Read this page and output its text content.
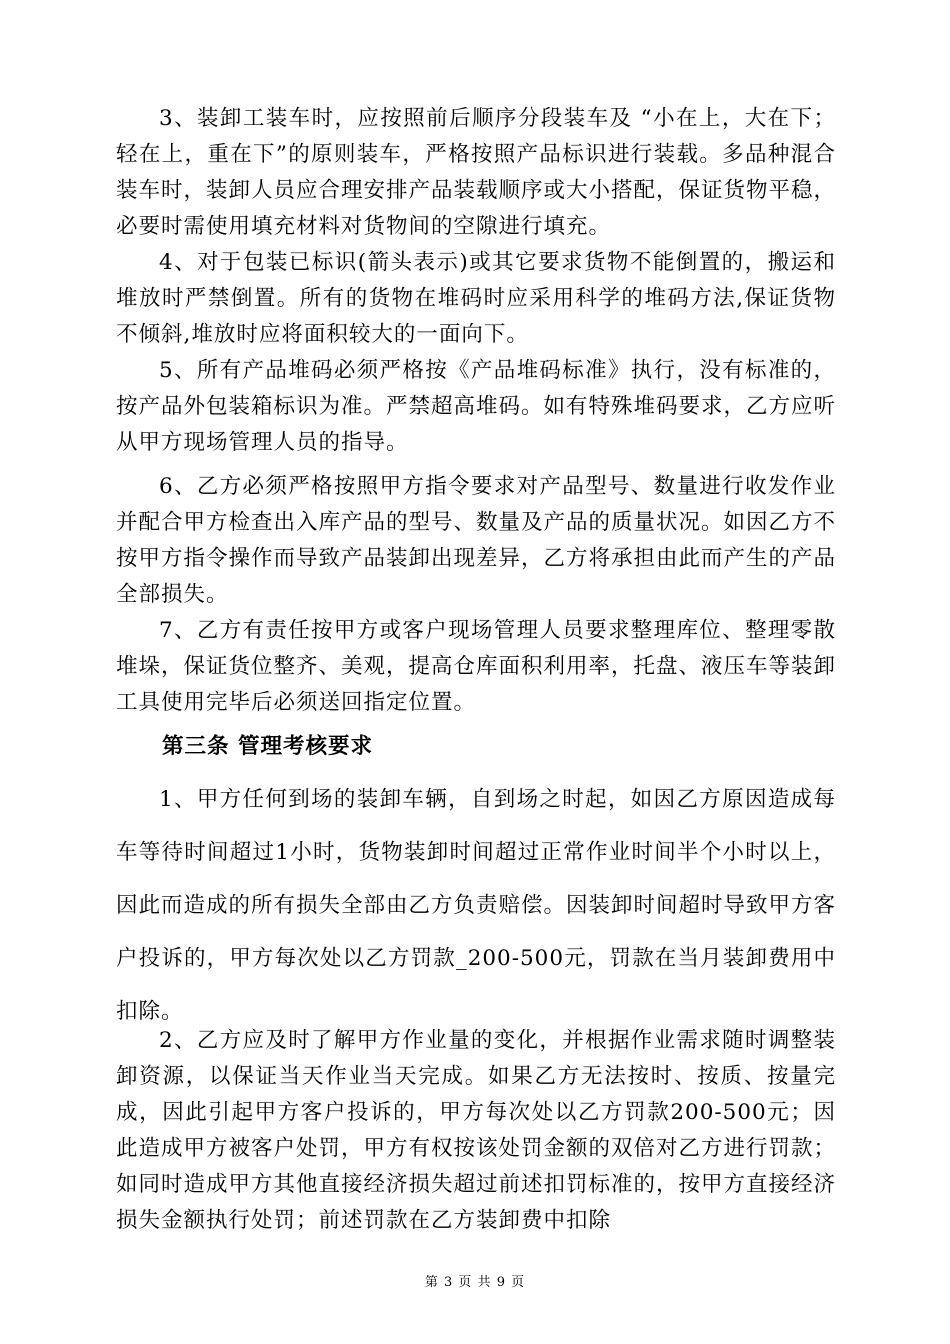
3、装卸工装车时，应按照前后顺序分段装车及 “小在上，大在下；轻在上，重在下”的原则装车，严格按照产品标识进行装载。多品种混合装车时，装卸人员应合理安排产品装载顺序或大小搭配，保证货物平稳，必要时需使用填充材料对货物间的空隙进行填充。

4、对于包装已标识(箭头表示)或其它要求货物不能倒置的，搬运和堆放时严禁倒置。所有的货物在堆码时应采用科学的堆码方法,保证货物不倾斜,堆放时应将面积较大的一面向下。

5、所有产品堆码必须严格按《产品堆码标准》执行，没有标准的，按产品外包装箱标识为准。严禁超高堆码。如有特殊堆码要求，乙方应听从甲方现场管理人员的指导。

6、乙方必须严格按照甲方指令要求对产品型号、数量进行收发作业并配合甲方检查出入库产品的型号、数量及产品的质量状况。如因乙方不按甲方指令操作而导致产品装卸出现差异，乙方将承担由此而产生的产品全部损失。

7、乙方有责任按甲方或客户现场管理人员要求整理库位、整理零散堆垛，保证货位整齐、美观，提高仓库面积利用率，托盘、液压车等装卸工具使用完毕后必须送回指定位置。

第三条 管理考核要求

1、甲方任何到场的装卸车辆，自到场之时起，如因乙方原因造成每车等待时间超过1小时，货物装卸时间超过正常作业时间半个小时以上，因此而造成的所有损失全部由乙方负责赔偿。因装卸时间超时导致甲方客户投诉的，甲方每次处以乙方罚款_200-500元，罚款在当月装卸费用中扣除。

2、乙方应及时了解甲方作业量的变化，并根据作业需求随时调整装卸资源，以保证当天作业当天完成。如果乙方无法按时、按质、按量完成，因此引起甲方客户投诉的，甲方每次处以乙方罚款200-500元；因此造成甲方被客户处罚，甲方有权按该处罚金额的双倍对乙方进行罚款；如同时造成甲方其他直接经济损失超过前述扣罚标准的，按甲方直接经济损失金额执行处罚；前述罚款在乙方装卸费中扣除

第 3 页 共 9 页
